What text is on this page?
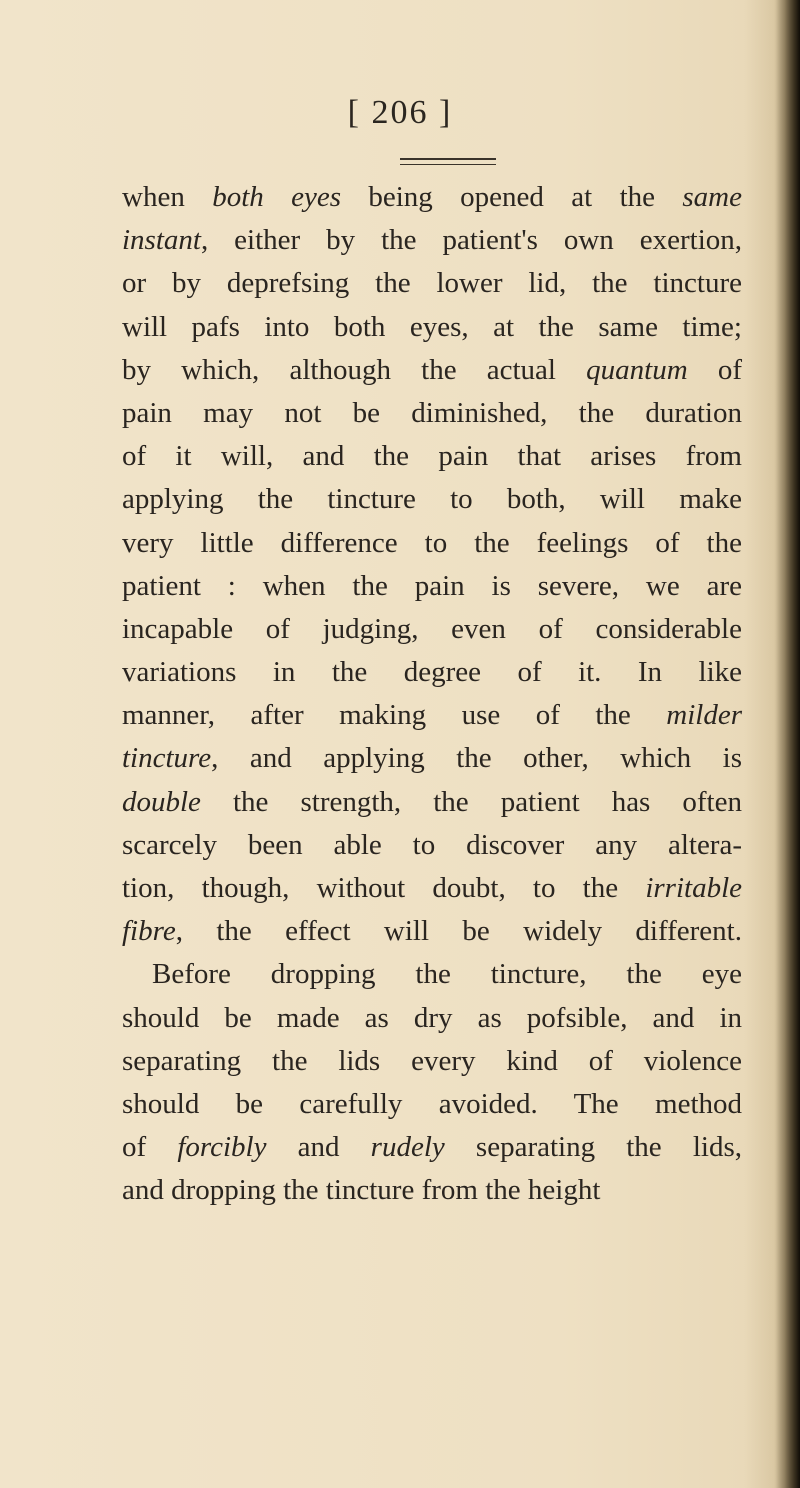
[ 206 ]
when both eyes being opened at the same
instant, either by the patient's own exertion,
or by deprefsing the lower lid, the tincture
will pafs into both eyes, at the same time;
by which, although the actual quantum of
pain may not be diminished, the duration
of it will, and the pain that arises from
applying the tincture to both, will make
very little difference to the feelings of the
patient : when the pain is severe, we are
incapable of judging, even of considerable
variations in the degree of it. In like
manner, after making use of the milder
tincture, and applying the other, which is
double the strength, the patient has often
scarcely been able to discover any altera-
tion, though, without doubt, to the irritable
fibre, the effect will be widely different.
Before dropping the tincture, the eye
should be made as dry as pofsible, and in
separating the lids every kind of violence
should be carefully avoided. The method
of forcibly and rudely separating the lids,
and dropping the tincture from the height
